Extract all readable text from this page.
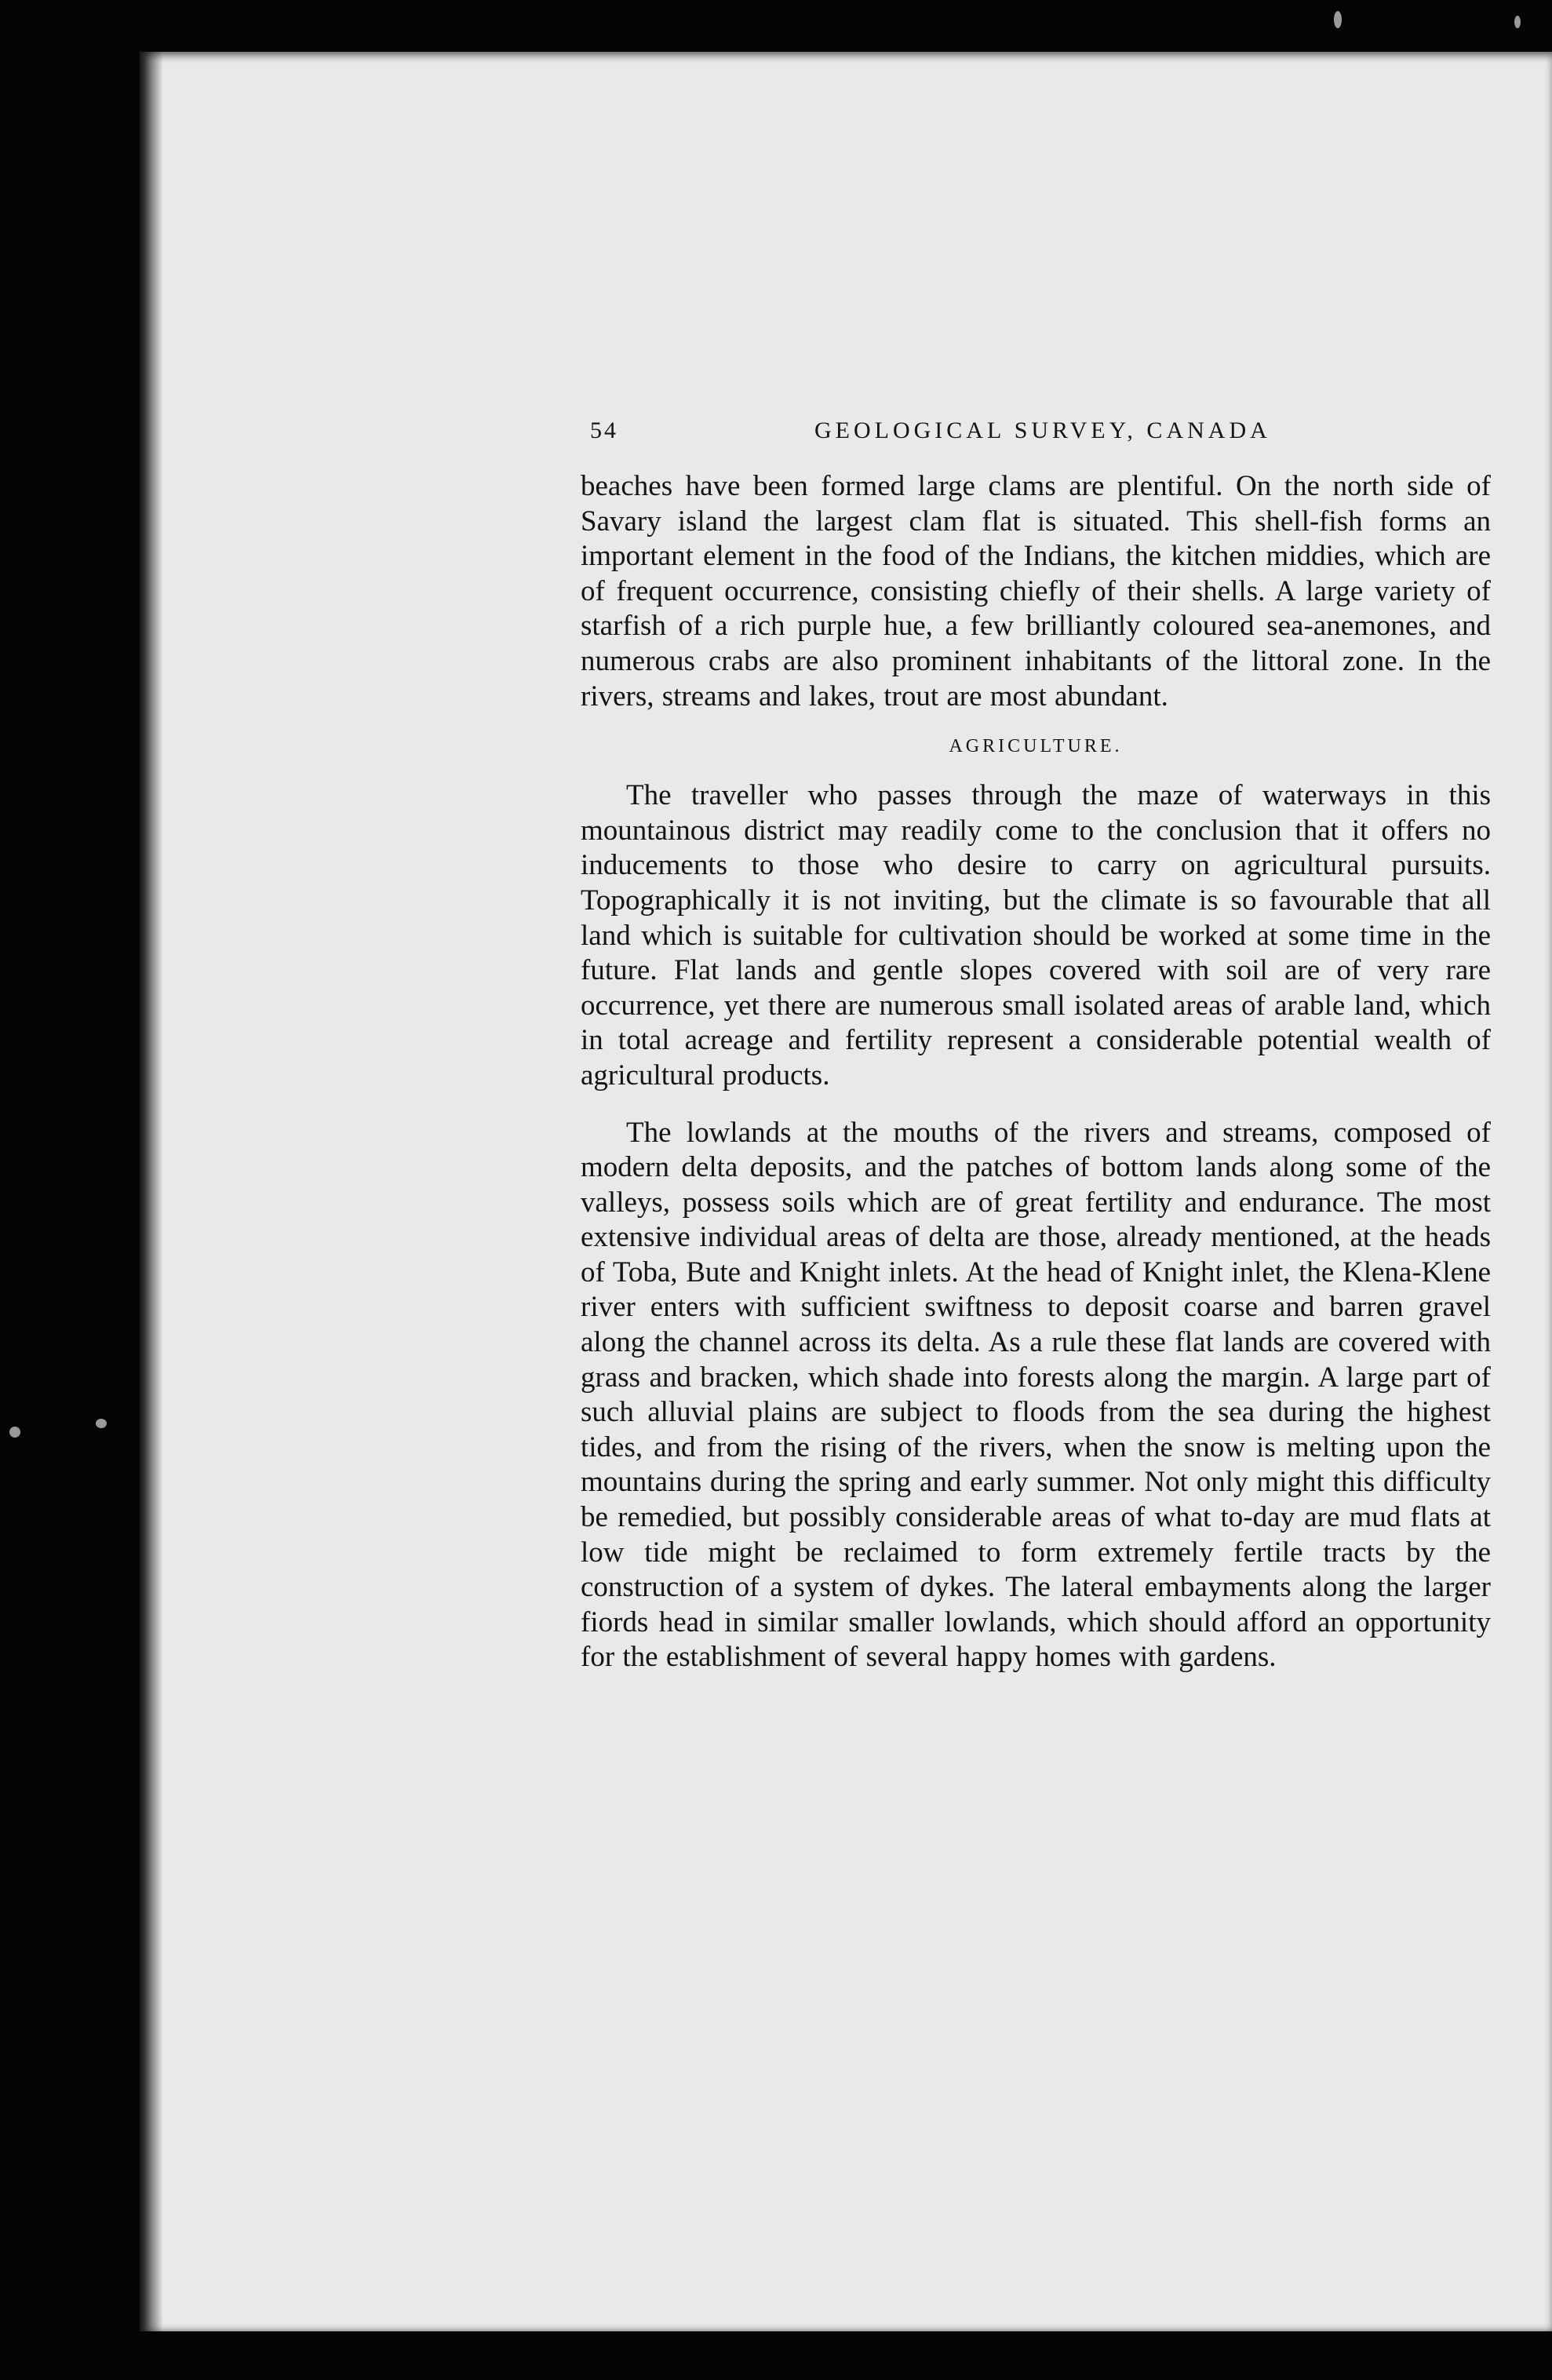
54	GEOLOGICAL SURVEY, CANADA

beaches have been formed large clams are plentiful. On the north side of Savary island the largest clam flat is situated. This shell-fish forms an important element in the food of the Indians, the kitchen middies, which are of frequent occurrence, consisting chiefly of their shells. A large variety of starfish of a rich purple hue, a few brilliantly coloured sea-anemones, and numerous crabs are also prominent inhabitants of the littoral zone. In the rivers, streams and lakes, trout are most abundant.

AGRICULTURE.

The traveller who passes through the maze of waterways in this mountainous district may readily come to the conclusion that it offers no inducements to those who desire to carry on agricultural pursuits. Topographically it is not inviting, but the climate is so favourable that all land which is suitable for cultivation should be worked at some time in the future. Flat lands and gentle slopes covered with soil are of very rare occurrence, yet there are numerous small isolated areas of arable land, which in total acreage and fertility represent a considerable potential wealth of agricultural products.

The lowlands at the mouths of the rivers and streams, composed of modern delta deposits, and the patches of bottom lands along some of the valleys, possess soils which are of great fertility and endurance. The most extensive individual areas of delta are those, already mentioned, at the heads of Toba, Bute and Knight inlets. At the head of Knight inlet, the Klena-Klene river enters with sufficient swiftness to deposit coarse and barren gravel along the channel across its delta. As a rule these flat lands are covered with grass and bracken, which shade into forests along the margin. A large part of such alluvial plains are subject to floods from the sea during the highest tides, and from the rising of the rivers, when the snow is melting upon the mountains during the spring and early summer. Not only might this difficulty be remedied, but possibly considerable areas of what to-day are mud flats at low tide might be reclaimed to form extremely fertile tracts by the construction of a system of dykes. The lateral embayments along the larger fiords head in similar smaller lowlands, which should afford an opportunity for the establishment of several happy homes with gardens.
